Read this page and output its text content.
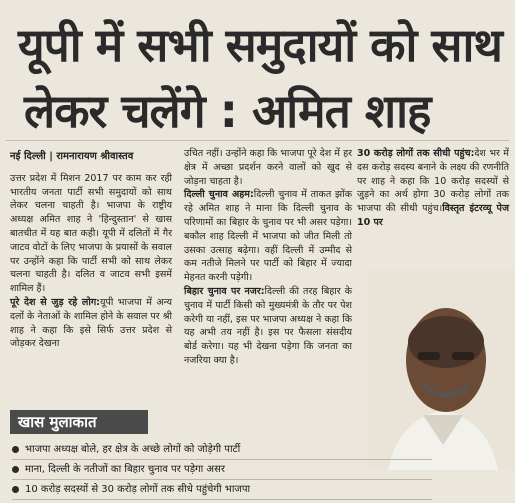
यूपी में सभी समुदायों को साथ
लेकर चलेंगे : अमित शाह
नई दिल्ली | रामनारायण श्रीवास्तव
उत्तर प्रदेश में मिशन 2017 पर काम कर रही भारतीय जनता पार्टी सभी समुदायों को साथ लेकर चलना चाहती है। भाजपा के राष्ट्रीय अध्यक्ष अमित शाह ने 'हिन्दुस्तान' से खास बातचीत में यह बात कही। यूपी में दलितों में गैर जाटव वोटों के लिए भाजपा के प्रयासों के सवाल पर उन्होंने कहा कि पार्टी सभी को साथ लेकर चलना चाहती है। दलित व जाटव सभी इसमें शामिल हैं।
पूरे देश से जुड़ रहे लोग:यूपी भाजपा में अन्य दलों के नेताओं के शामिल होने के सवाल पर श्री शाह ने कहा कि इसे सिर्फ उत्तर प्रदेश से जोड़कर देखना
उचित नहीं। उन्होंने कहा कि भाजपा पूरे देश में हर क्षेत्र में अच्छा प्रदर्शन करने वालों को खुद से जोड़ना चाहता है।
दिल्ली चुनाव अहम:दिल्ली चुनाव में ताकत झोंक रहे अमित शाह ने माना कि दिल्ली चुनाव के परिणामों का बिहार के चुनाव पर भी असर पड़ेगा। बकौल शाह दिल्ली में भाजपा को जीत मिली तो उसका उत्साह बढ़ेगा। वहीं दिल्ली में उम्मीद से कम नतीजे मिलने पर पार्टी को बिहार में ज्यादा मेहनत करनी पड़ेगी।
बिहार चुनाव पर नजर:दिल्ली की तरह बिहार के चुनाव में पार्टी किसी को मुख्यमंत्री के तौर पर पेश करेगी या नहीं, इस पर भाजपा अध्यक्ष ने कहा कि यह अभी तय नहीं है। इस पर फैसला संसदीय बोर्ड करेगा। यह भी देखना पड़ेगा कि जनता का नजरिया क्या है।
30 करोड़ लोगों तक सीधी पहुंच:देश भर में दस करोड़ सदस्य बनाने के लक्ष्य की रणनीति पर शाह ने कहा कि 10 करोड़ सदस्यों से जुड़ने का अर्थ होगा 30 करोड़ लोगों तक भाजपा की सीधी पहुंच।विस्तृत इंटरव्यू पेज 10 पर
खास मुलाकात
भाजपा अध्यक्ष बोले, हर क्षेत्र के अच्छे लोगों को जोड़ेगी पार्टी
माना, दिल्ली के नतीजों का बिहार चुनाव पर पड़ेगा असर
10 करोड़ सदस्यों से 30 करोड़ लोगों तक सीधे पहुंचेगी भाजपा
